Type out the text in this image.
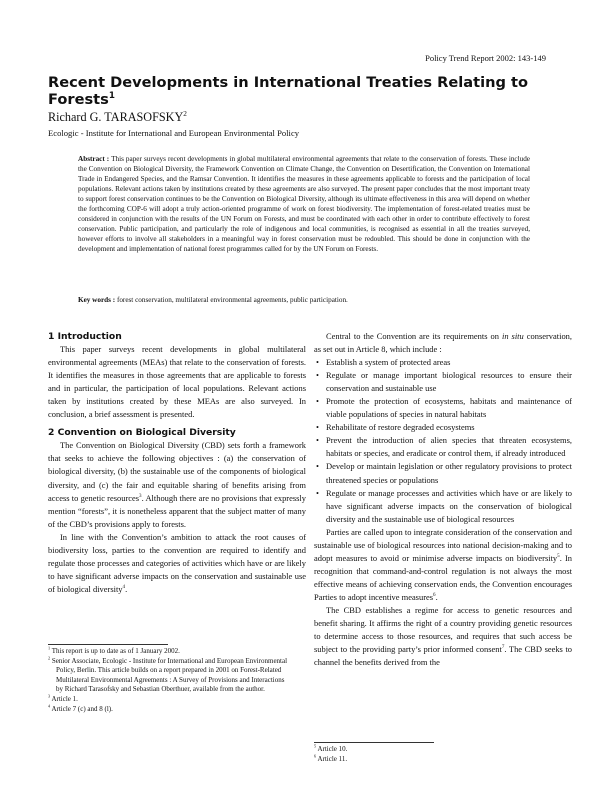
Policy Trend Report 2002: 143-149
Recent Developments in International Treaties Relating to Forests$^1$
Richard G. TARASOFSKY$^2$
Ecologic - Institute for International and European Environmental Policy
Abstract : This paper surveys recent developments in global multilateral environmental agreements that relate to the conservation of forests. These include the Convention on Biological Diversity, the Framework Convention on Climate Change, the Convention on Desertification, the Convention on International Trade in Endangered Species, and the Ramsar Convention. It identifies the measures in these agreements applicable to forests and the participation of local populations. Relevant actions taken by institutions created by these agreements are also surveyed. The present paper concludes that the most important treaty to support forest conservation continues to be the Convention on Biological Diversity, although its ultimate effectiveness in this area will depend on whether the forthcoming COP-6 will adopt a truly action-oriented programme of work on forest biodiversity. The implementation of forest-related treaties must be considered in conjunction with the results of the UN Forum on Forests, and must be coordinated with each other in order to contribute effectively to forest conservation. Public participation, and particularly the role of indigenous and local communities, is recognised as essential in all the treaties surveyed, however efforts to involve all stakeholders in a meaningful way in forest conservation must be redoubled. This should be done in conjunction with the development and implementation of national forest programmes called for by the UN Forum on Forests.
Key words : forest conservation, multilateral environmental agreements, public participation.
1 Introduction

This paper surveys recent developments in global multilateral environmental agreements (MEAs) that relate to the conservation of forests. It identifies the measures in those agreements that are applicable to forests and in particular, the participation of local populations. Relevant actions taken by institutions created by these MEAs are also surveyed. In conclusion, a brief assessment is presented.

2 Convention on Biological Diversity

The Convention on Biological Diversity (CBD) sets forth a framework that seeks to achieve the following objectives : (a) the conservation of biological diversity, (b) the sustainable use of the components of biological diversity, and (c) the fair and equitable sharing of benefits arising from access to genetic resources$^3$. Although there are no provisions that expressly mention “forests”, it is nonetheless apparent that the subject matter of many of the CBD’s provisions apply to forests.

In line with the Convention’s ambition to attack the root causes of biodiversity loss, parties to the convention are required to identify and regulate those processes and categories of activities which have or are likely to have significant adverse impacts on the conservation and sustainable use of biological diversity$^4$.

$^1$ This report is up to date as of 1 January 2002.
$^2$ Senior Associate, Ecologic - Institute for International and European Environmental Policy, Berlin. This article builds on a report prepared in 2001 on Forest-Related Multilateral Environmental Agreements : A Survey of Provisions and Interactions by Richard Tarasofsky and Sebastian Oberthuer, available from the author.
$^3$ Article 1.
$^4$ Article 7 (c) and 8 (l).

Central to the Convention are its requirements on in situ conservation, as set out in Article 8, which include :

• Establish a system of protected areas
• Regulate or manage important biological resources to ensure their conservation and sustainable use
• Promote the protection of ecosystems, habitats and maintenance of viable populations of species in natural habitats
• Rehabilitate of restore degraded ecosystems
• Prevent the introduction of alien species that threaten ecosystems, habitats or species, and eradicate or control them, if already introduced
• Develop or maintain legislation or other regulatory provisions to protect threatened species or populations
• Regulate or manage processes and activities which have or are likely to have significant adverse impacts on the conservation of biological diversity and the sustainable use of biological resources

Parties are called upon to integrate consideration of the conservation and sustainable use of biological resources into national decision-making and to adopt measures to avoid or minimise adverse impacts on biodiversity$^5$. In recognition that command-and-control regulation is not always the most effective means of achieving conservation ends, the Convention encourages Parties to adopt incentive measures$^6$.

The CBD establishes a regime for access to genetic resources and benefit sharing. It affirms the right of a country providing genetic resources to determine access to those resources, and requires that such access be subject to the providing party’s prior informed consent$^7$. The CBD seeks to channel the benefits derived from the

$^5$ Article 10.
$^6$ Article 11.
